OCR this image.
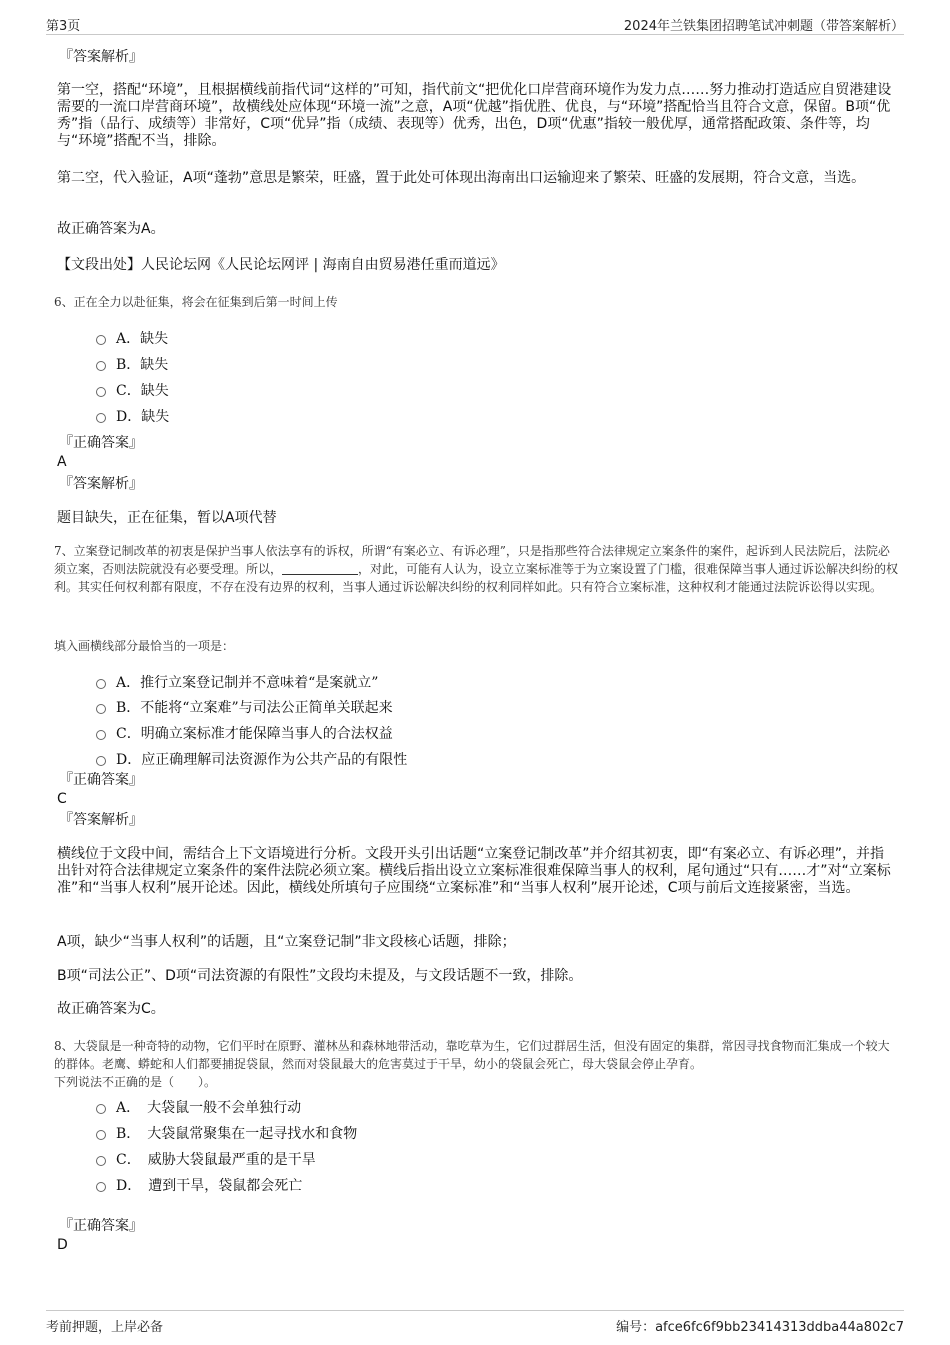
第3页	2024年兰铁集团招聘笔试冲刺题（带答案解析）
『答案解析』
第一空，搭配“环境”，且根据横线前指代词“这样的”可知，指代前文“把优化口岸营商环境作为发力点……努力推动打造适应自贸港建设需要的一流口岸营商环境”，故横线处应体现“环境一流”之意，A项“优越”指优胜、优良，与“环境”搭配恰当且符合文意，保留。B项“优秀”指（品行、成绩等）非常好，C项“优异”指（成绩、表现等）优秀，出色，D项“优惠”指较一般优厚，通常搭配政策、条件等，均与“环境”搭配不当，排除。
第二空，代入验证，A项“蓬勃”意思是繁荣，旺盛，置于此处可体现出海南出口运输迎来了繁荣、旺盛的发展期，符合文意，当选。
故正确答案为A。
【文段出处】人民论坛网《人民论坛网评 | 海南自由贸易港任重而道远》
6、正在全力以赴征集，将会在征集到后第一时间上传
A．缺失
B．缺失
C．缺失
D．缺失
『正确答案』
A
『答案解析』
题目缺失，正在征集，暂以A项代替
7、立案登记制改革的初衷是保护当事人依法享有的诉权，所谓“有案必立、有诉必理”，只是指那些符合法律规定立案条件的案件，起诉到人民法院后，法院必须立案，否则法院就没有必要受理。所以，	，对此，可能有人认为，设立立案标准等于为立案设置了门槛，很难保障当事人通过诉讼解决纠纷的权利。其实任何权利都有限度，不存在没有边界的权利，当事人通过诉讼解决纠纷的权利同样如此。只有符合立案标准，这种权利才能通过法院诉讼得以实现。
填入画横线部分最恰当的一项是：
A．推行立案登记制并不意味着“是案就立”
B．不能将“立案难”与司法公正简单关联起来
C．明确立案标准才能保障当事人的合法权益
D．应正确理解司法资源作为公共产品的有限性
『正确答案』
C
『答案解析』
横线位于文段中间，需结合上下文语境进行分析。文段开头引出话题“立案登记制改革”并介绍其初衷，即“有案必立、有诉必理”，并指出针对符合法律规定立案条件的案件法院必须立案。横线后指出设立立案标准很难保障当事人的权利，尾句通过“只有……才”对“立案标准”和“当事人权利”展开论述。因此，横线处所填句子应围绕“立案标准”和“当事人权利”展开论述，C项与前后文连接紧密，当选。
A项，缺少“当事人权利”的话题，且“立案登记制”非文段核心话题，排除；
B项“司法公正”、D项“司法资源的有限性”文段均未提及，与文段话题不一致，排除。
故正确答案为C。
8、大袋鼠是一种奇特的动物，它们平时在原野、灌林丛和森林地带活动，靠吃草为生，它们过群居生活，但没有固定的集群，常因寻找食物而汇集成一个较大的群体。老鹰、蟒蛇和人们都要捕捉袋鼠，然而对袋鼠最大的危害莫过于干旱，幼小的袋鼠会死亡，母大袋鼠会停止孕育。
下列说法不正确的是（　　）。
A．　大袋鼠一般不会单独行动
B．　大袋鼠常聚集在一起寻找水和食物
C．　威胁大袋鼠最严重的是干旱
D．　遭到干旱，袋鼠都会死亡
『正确答案』
D
考前押题，上岸必备	编号：afce6fc6f9bb23414313ddba44a802c7
